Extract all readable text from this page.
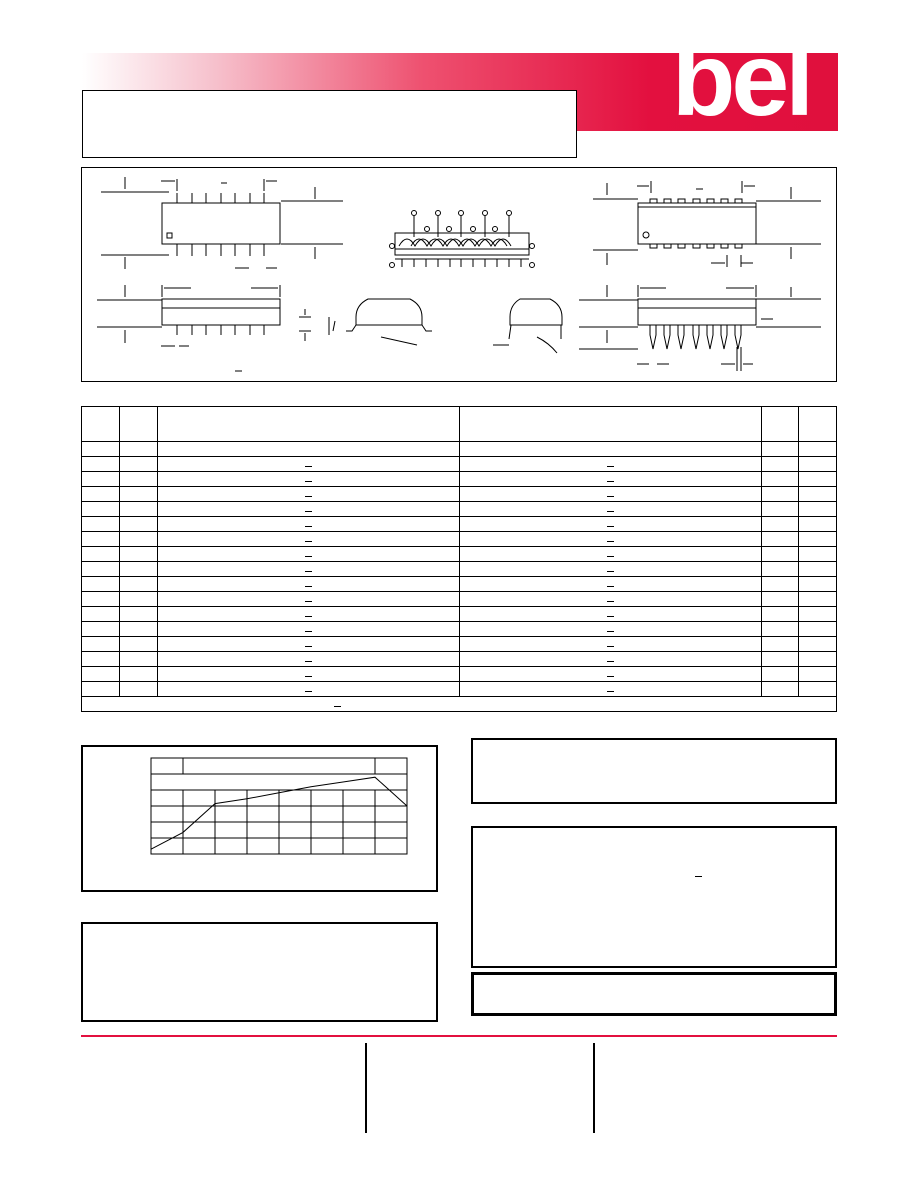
bel
